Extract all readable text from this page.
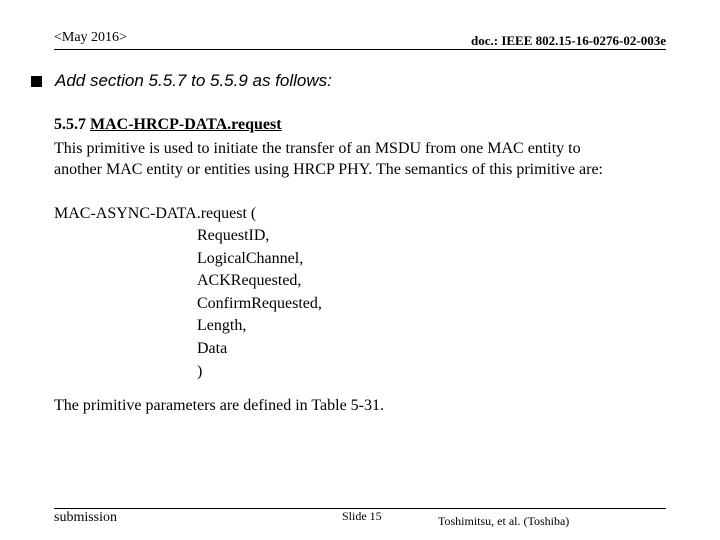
<May 2016>	doc.: IEEE 802.15-16-0276-02-003e
Add section 5.5.7 to 5.5.9 as follows:
5.5.7 MAC-HRCP-DATA.request

This primitive is used to initiate the transfer of an MSDU from one MAC entity to

another MAC entity or entities using HRCP PHY. The semantics of this primitive are:

MAC-ASYNC-DATA.request (
RequestID,
LogicalChannel,
ACKRequested,
ConfirmRequested,
Length,
Data
)
The primitive parameters are defined in Table 5-31.
submission	Slide 15	Toshimitsu, et al. (Toshiba)
